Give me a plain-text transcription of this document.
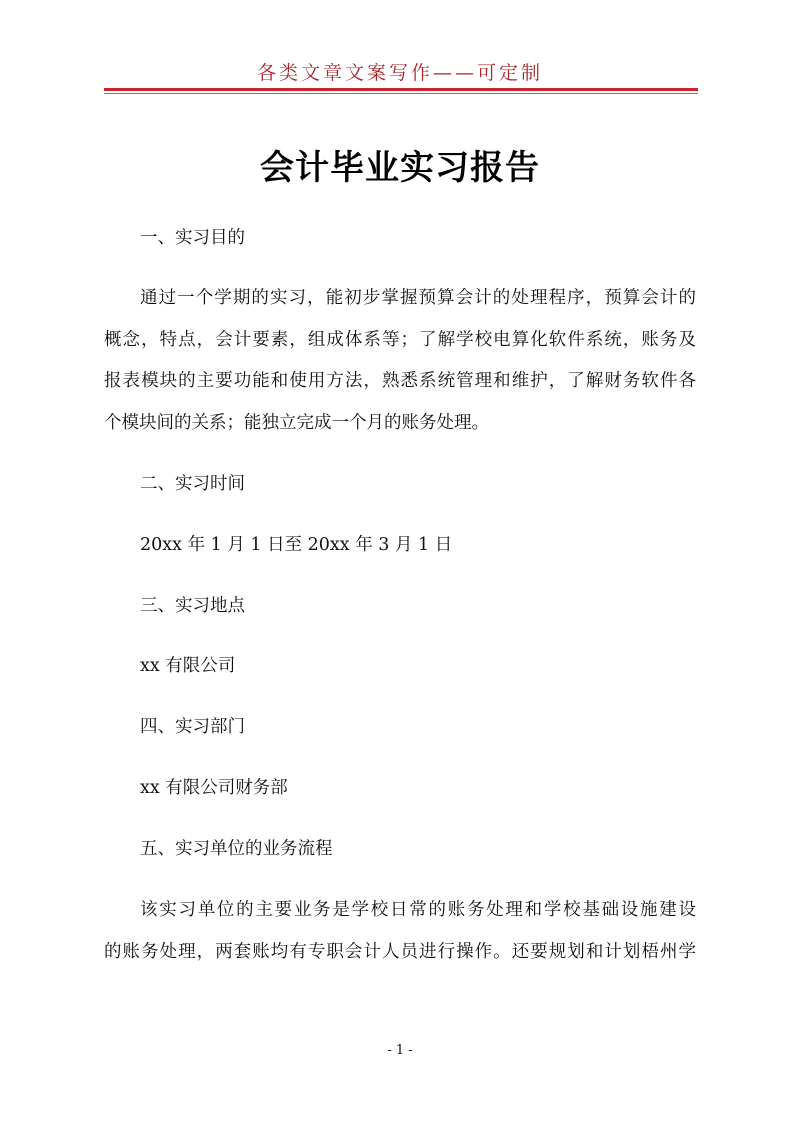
各类文章文案写作——可定制
会计毕业实习报告
一、实习目的
通过一个学期的实习，能初步掌握预算会计的处理程序，预算会计的
概念，特点，会计要素，组成体系等；了解学校电算化软件系统，账务及
报表模块的主要功能和使用方法，熟悉系统管理和维护，了解财务软件各
个模块间的关系；能独立完成一个月的账务处理。
二、实习时间
20xx 年 1 月 1 日至 20xx 年 3 月 1 日
三、实习地点
xx 有限公司
四、实习部门
xx 有限公司财务部
五、实习单位的业务流程
该实习单位的主要业务是学校日常的账务处理和学校基础设施建设
的账务处理，两套账均有专职会计人员进行操作。还要规划和计划梧州学
- 1 -
